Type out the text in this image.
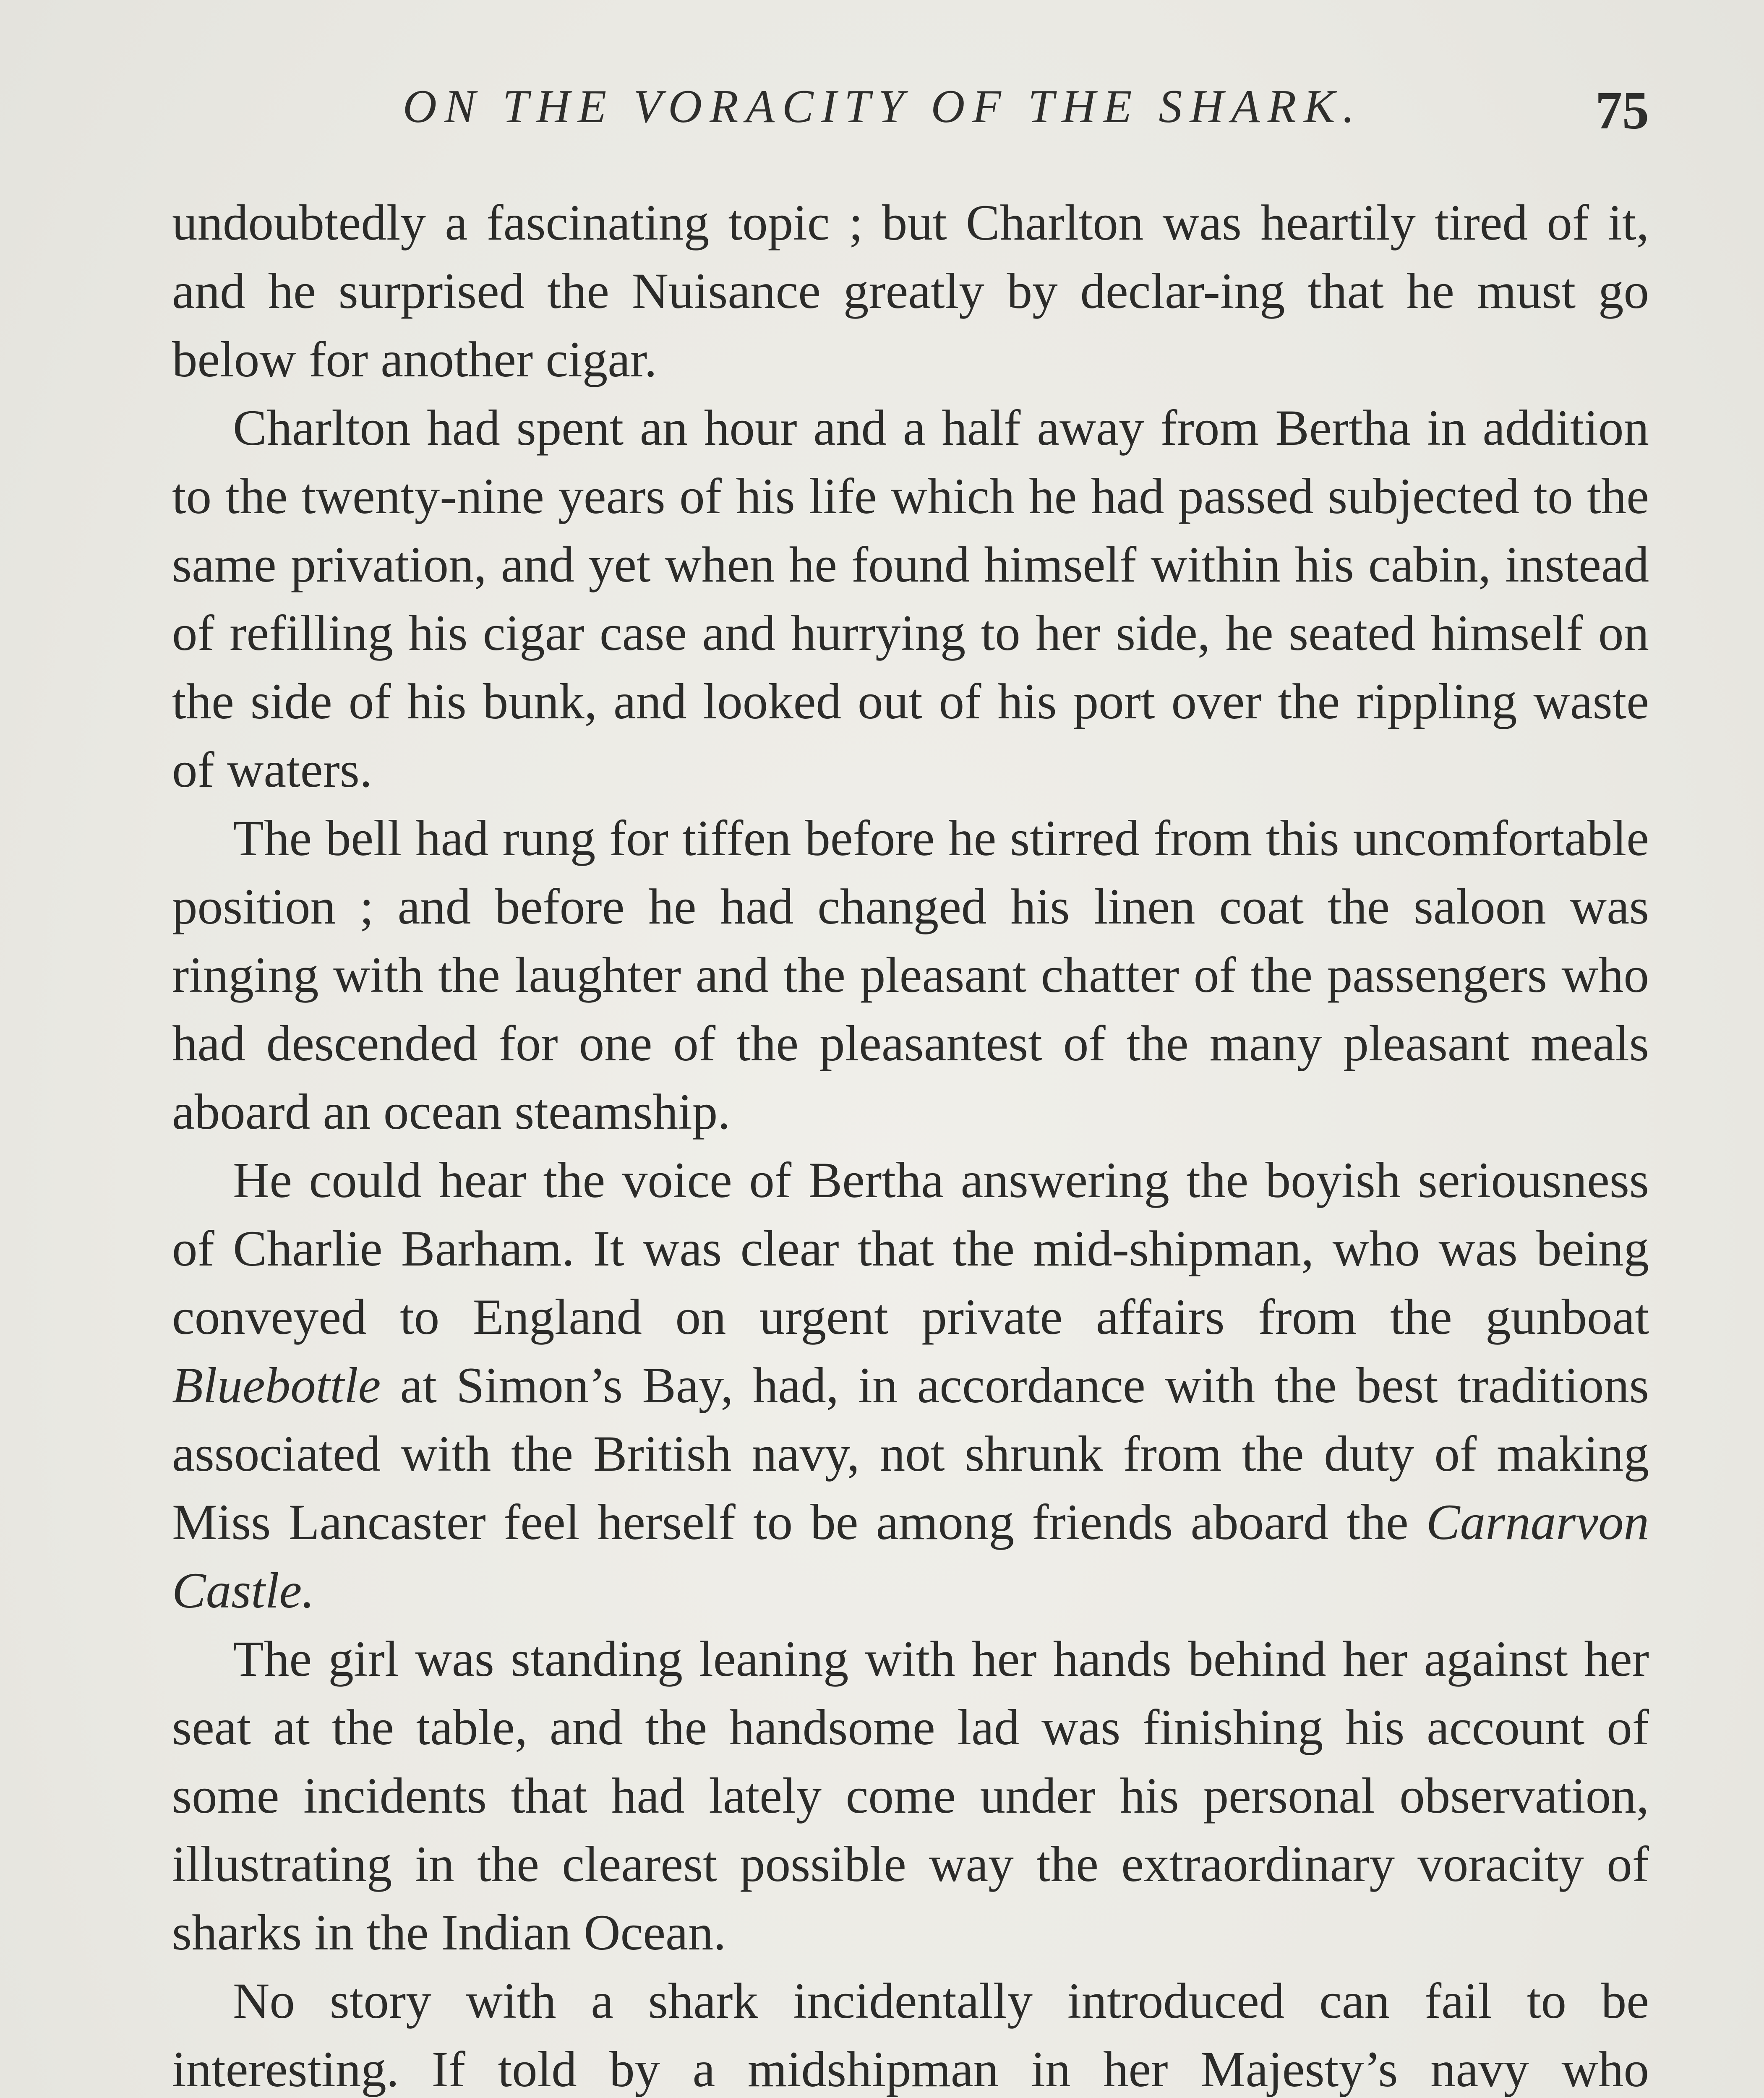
ON THE VORACITY OF THE SHARK.	75

undoubtedly a fascinating topic ; but Charlton was heartily tired of it, and he surprised the Nuisance greatly by declar-ing that he must go below for another cigar.

Charlton had spent an hour and a half away from Bertha in addition to the twenty-nine years of his life which he had passed subjected to the same privation, and yet when he found himself within his cabin, instead of refilling his cigar case and hurrying to her side, he seated himself on the side of his bunk, and looked out of his port over the rippling waste of waters.

The bell had rung for tiffen before he stirred from this uncomfortable position ; and before he had changed his linen coat the saloon was ringing with the laughter and the pleasant chatter of the passengers who had descended for one of the pleasantest of the many pleasant meals aboard an ocean steamship.

He could hear the voice of Bertha answering the boyish seriousness of Charlie Barham. It was clear that the mid-shipman, who was being conveyed to England on urgent private affairs from the gunboat Bluebottle at Simon’s Bay, had, in accordance with the best traditions associated with the British navy, not shrunk from the duty of making Miss Lancaster feel herself to be among friends aboard the Carnarvon Castle.

The girl was standing leaning with her hands behind her against her seat at the table, and the handsome lad was finishing his account of some incidents that had lately come under his personal observation, illustrating in the clearest possible way the extraordinary voracity of sharks in the Indian Ocean.

No story with a shark incidentally introduced can fail to be interesting. If told by a midshipman in her Majesty’s navy who
